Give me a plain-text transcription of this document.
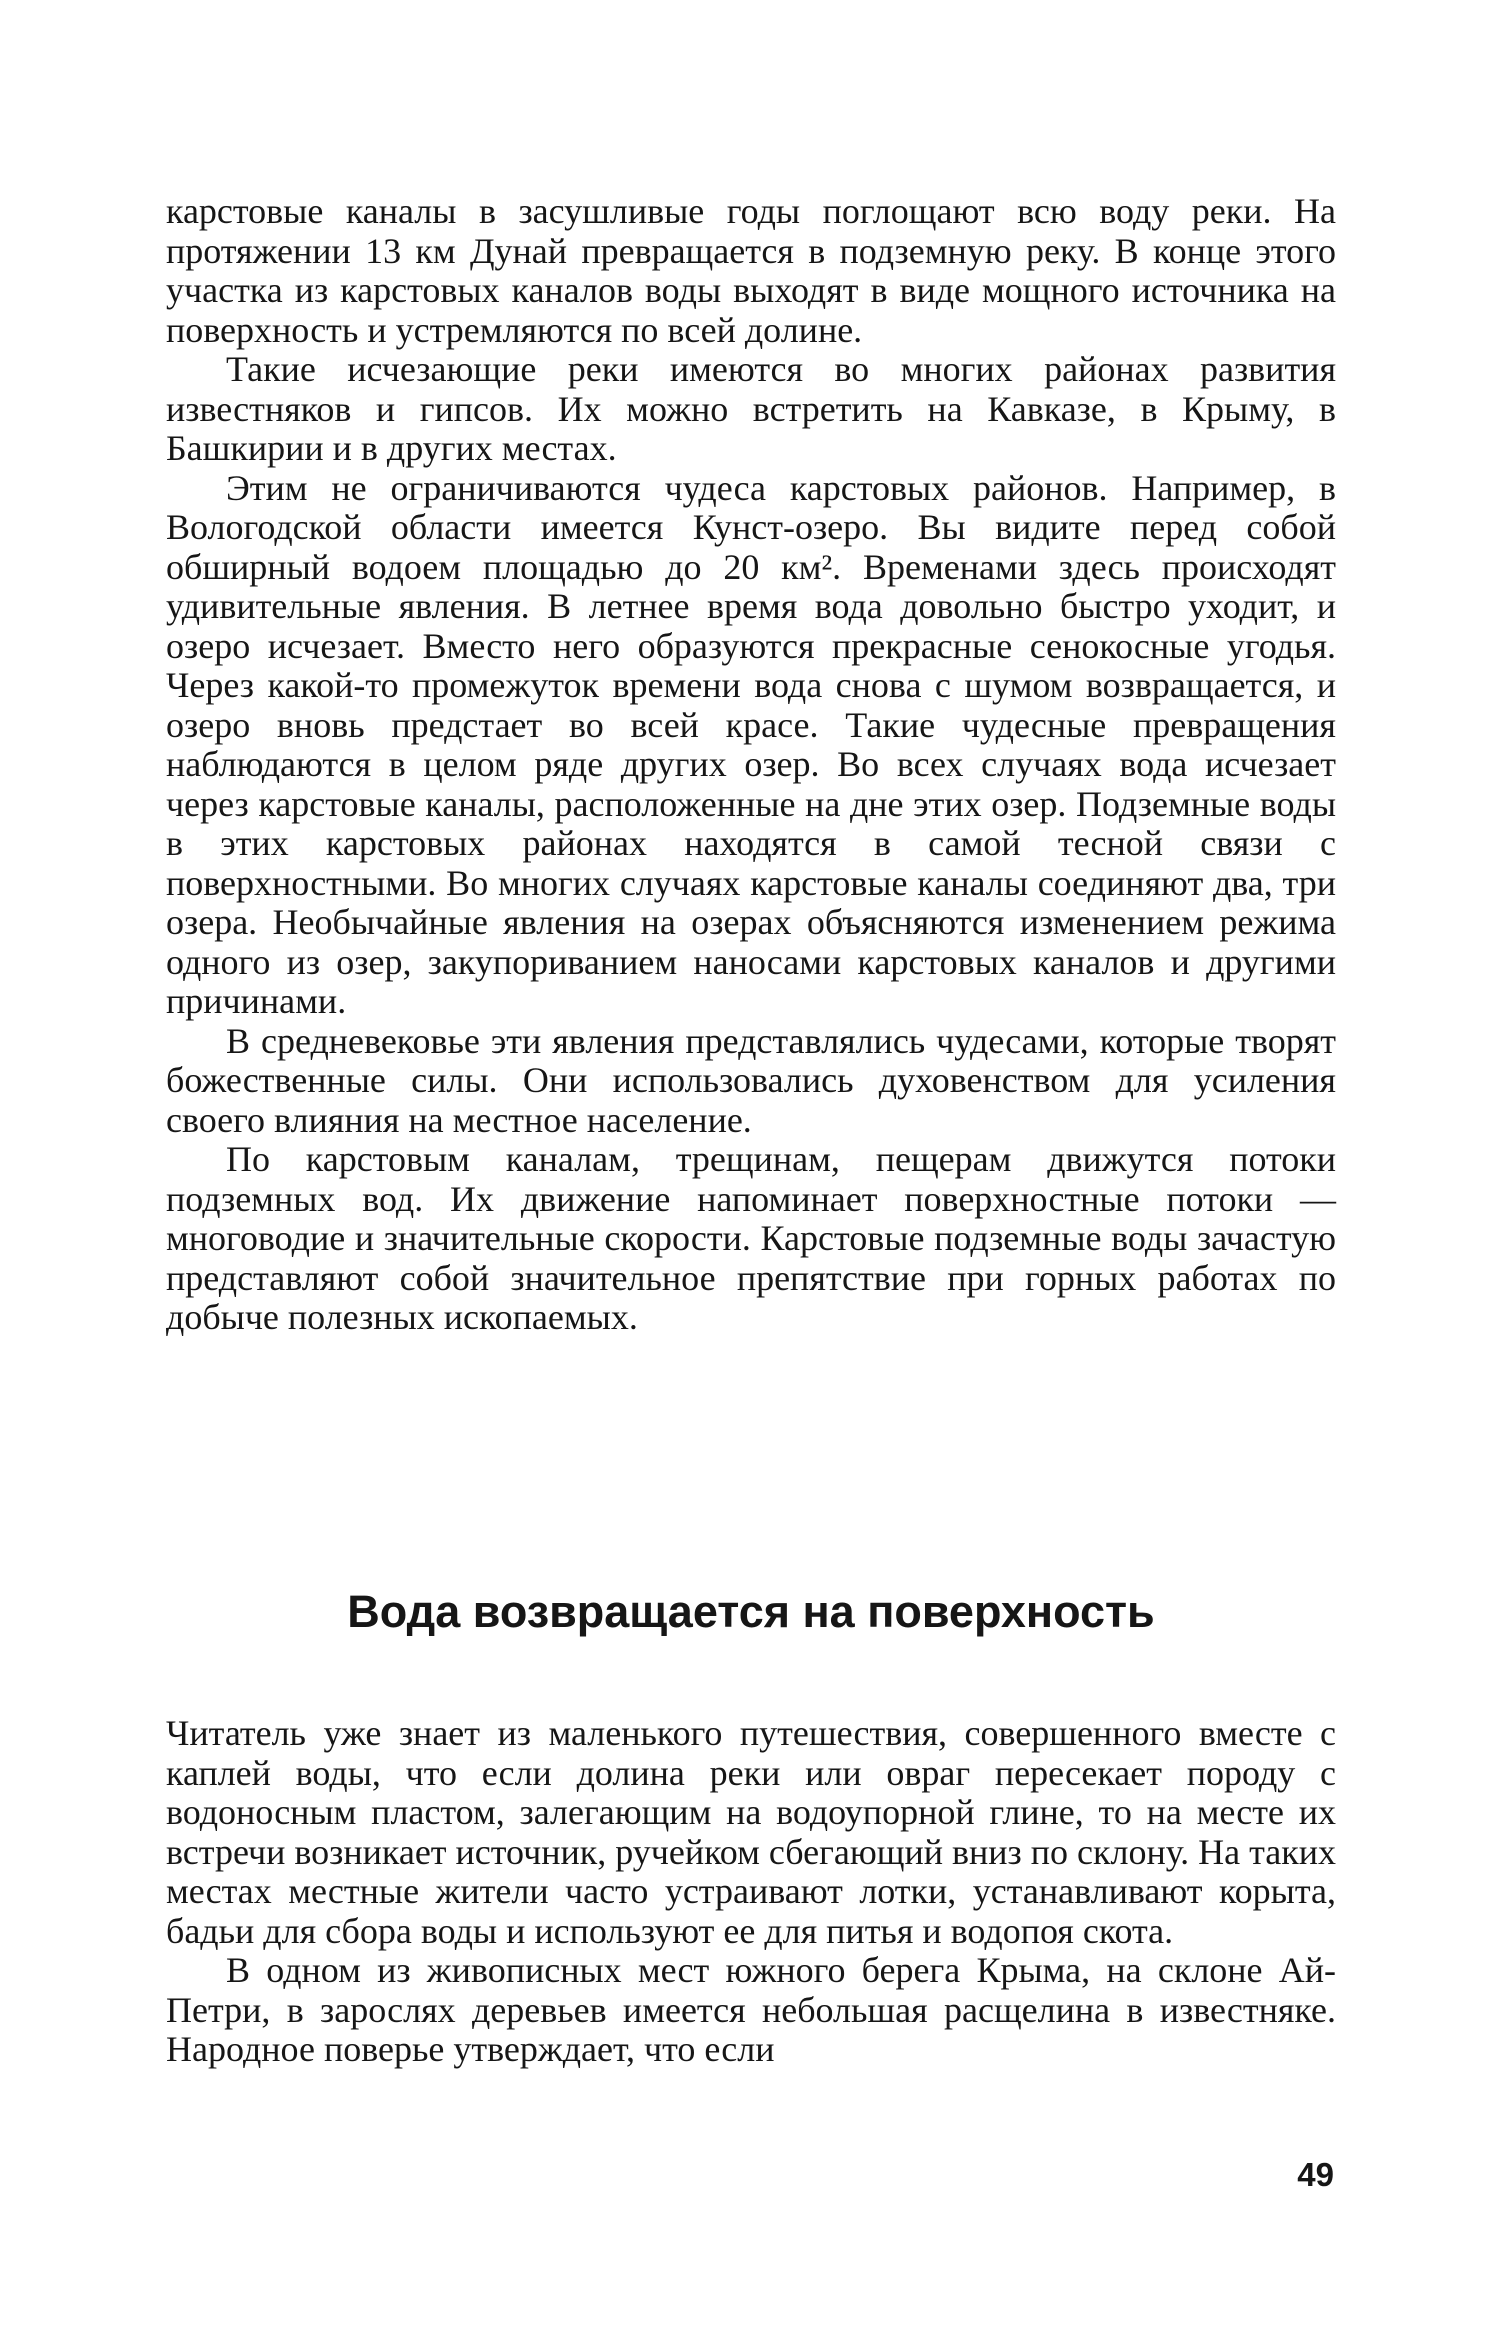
карстовые каналы в засушливые годы поглощают всю воду реки. На протяжении 13 км Дунай превращается в подземную реку. В конце этого участка из карстовых каналов воды выходят в виде мощного источника на поверхность и устремляются по всей долине.

Такие исчезающие реки имеются во многих районах развития известняков и гипсов. Их можно встретить на Кавказе, в Крыму, в Башкирии и в других местах.

Этим не ограничиваются чудеса карстовых районов. Например, в Вологодской области имеется Кунст-озеро. Вы видите перед собой обширный водоем площадью до 20 км². Временами здесь происходят удивительные явления. В летнее время вода довольно быстро уходит, и озеро исчезает. Вместо него образуются прекрасные сенокосные угодья. Через какой-то промежуток времени вода снова с шумом возвращается, и озеро вновь предстает во всей красе. Такие чудесные превращения наблюдаются в целом ряде других озер. Во всех случаях вода исчезает через карстовые каналы, расположенные на дне этих озер. Подземные воды в этих карстовых районах находятся в самой тесной связи с поверхностными. Во многих случаях карстовые каналы соединяют два, три озера. Необычайные явления на озерах объясняются изменением режима одного из озер, закупориванием наносами карстовых каналов и другими причинами.

В средневековье эти явления представлялись чудесами, которые творят божественные силы. Они использовались духовенством для усиления своего влияния на местное население.

По карстовым каналам, трещинам, пещерам движутся потоки подземных вод. Их движение напоминает поверхностные потоки — многоводие и значительные скорости. Карстовые подземные воды зачастую представляют собой значительное препятствие при горных работах по добыче полезных ископаемых.

Вода возвращается на поверхность

Читатель уже знает из маленького путешествия, совершенного вместе с каплей воды, что если долина реки или овраг пересекает породу с водоносным пластом, залегающим на водоупорной глине, то на месте их встречи возникает источник, ручейком сбегающий вниз по склону. На таких местах местные жители часто устраивают лотки, устанавливают корыта, бадьи для сбора воды и используют ее для питья и водопоя скота.

В одном из живописных мест южного берега Крыма, на склоне Ай-Петри, в зарослях деревьев имеется небольшая расщелина в известняке. Народное поверье утверждает, что если

49
